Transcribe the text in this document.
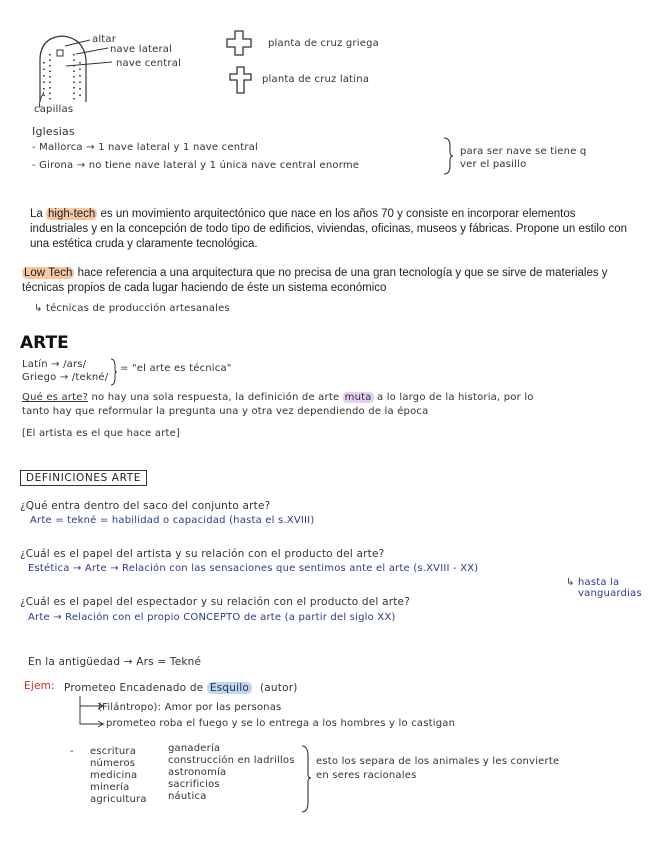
altar
nave lateral
nave central
capillas
planta de cruz griega
planta de cruz latina
Iglesias
- Mallorca → 1 nave lateral y 1 nave central
- Girona → no tiene nave lateral y 1 única nave central enorme
para ser nave se tiene q
ver el pasillo
La high-tech es un movimiento arquitectónico que nace en los años 70 y consiste en incorporar elementos industriales y en la concepción de todo tipo de edificios, viviendas, oficinas, museos y fábricas. Propone un estilo con una estética cruda y claramente tecnológica.
Low Tech hace referencia a una arquitectura que no precisa de una gran tecnología y que se sirve de materiales y técnicas propios de cada lugar haciendo de éste un sistema económico
↳ técnicas de producción artesanales
ARTE
Latín → /ars/
Griego → /tekné/
= "el arte es técnica"
Qué es arte? no hay una sola respuesta, la definición de arte muta a lo largo de la historia, por lo
tanto hay que reformular la pregunta una y otra vez dependiendo de la época
[El artista es el que hace arte]
DEFINICIONES ARTE
¿Qué entra dentro del saco del conjunto arte?
Arte = tekné = habilidad o capacidad (hasta el s.XVIII)
¿Cuál es el papel del artista y su relación con el producto del arte?
Estética → Arte → Relación con las sensaciones que sentimos ante el arte (s.XVIII - XX)
↳ hasta la
vanguardias
¿Cuál es el papel del espectador y su relación con el producto del arte?
Arte → Relación con el propio CONCEPTO de arte (a partir del siglo XX)
En la antigüedad → Ars = Tekné
Ejem: Prometeo Encadenado de Esquilo (autor)
(Filántropo): Amor por las personas
prometeo roba el fuego y se lo entrega a los hombres y lo castigan
- escritura
números
medicina
minería
agricultura
ganadería
construcción en ladrillos
astronomía
sacrificios
náutica
esto los separa de los animales y les convierte
en seres racionales
